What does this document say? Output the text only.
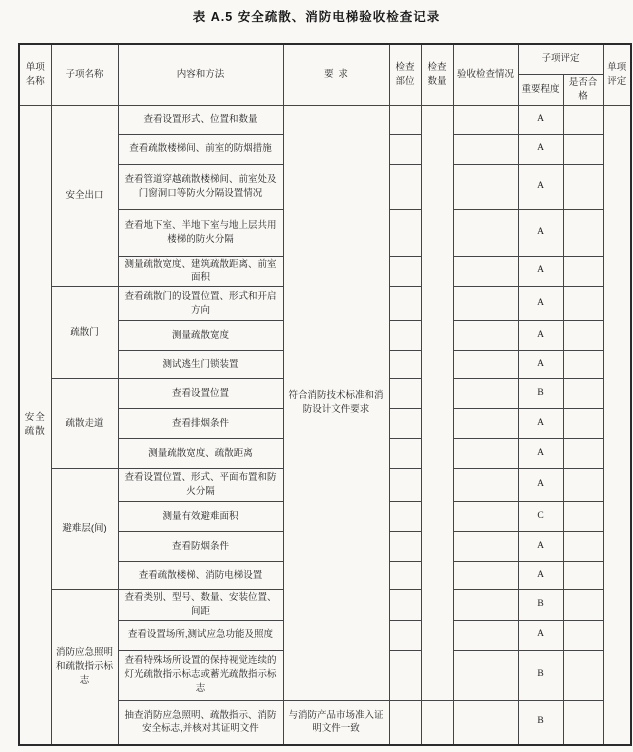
表 A.5 安全疏散、消防电梯验收检查记录
单项名称	子项名称	内容和方法	要求	检查部位	检查数量	验收检查情况	子项评定		单项评定
							重要程度	是否合格	
安全疏散	安全出口	查看设置形式、位置和数量	符合消防技术标准和消防设计文件要求				A		
		查看疏散楼梯间、前室的防烟措施					A		
		查看管道穿越疏散楼梯间、前室处及门窗洞口等防火分隔设置情况					A		
		查看地下室、半地下室与地上层共用楼梯的防火分隔					A		
		测量疏散宽度、建筑疏散距离、前室面积					A		
	疏散门	查看疏散门的设置位置、形式和开启方向					A		
		测量疏散宽度					A		
		测试逃生门锁装置					A		
	疏散走道	查看设置位置					B		
		查看排烟条件					A		
		测量疏散宽度、疏散距离					A		
	避难层(间)	查看设置位置、形式、平面布置和防火分隔					A		
		测量有效避难面积					C		
		查看防烟条件					A		
		查看疏散楼梯、消防电梯设置					A		
	消防应急照明和疏散指示标志	查看类别、型号、数量、安装位置、间距					B		
		查看设置场所,测试应急功能及照度					A		
		查看特殊场所设置的保持视觉连续的灯光疏散指示标志或蓄光疏散指示标志					B		
		抽查消防应急照明、疏散指示、消防安全标志,并核对其证明文件	与消防产品市场准入证明文件一致				B		
